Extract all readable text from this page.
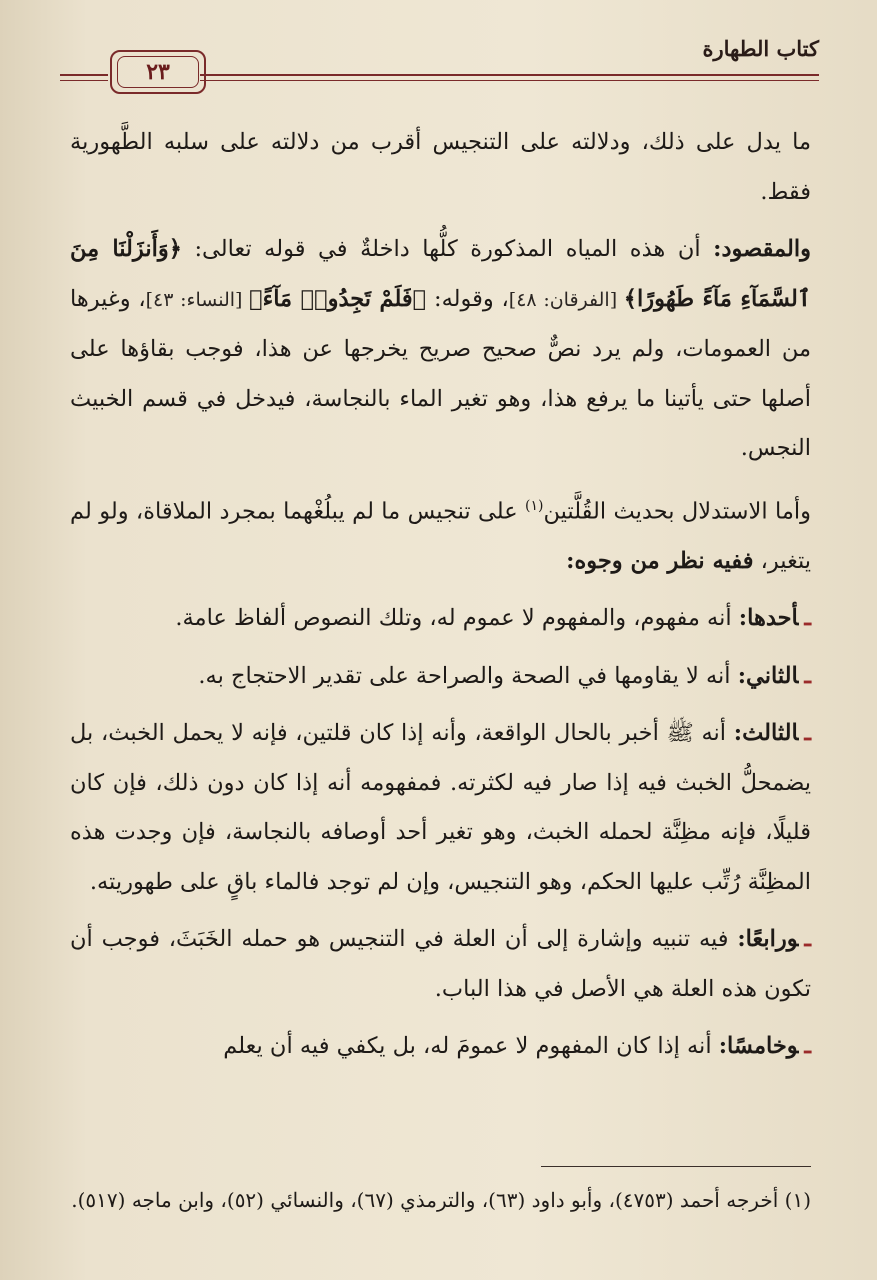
كتاب الطهارة
٢٣

ما يدل على ذلك، ودلالته على التنجيس أقرب من دلالته على سلبه الطَّهورية فقط.

والمقصود: أن هذه المياه المذكورة كلُّها داخلةٌ في قوله تعالى: ﴿وَأَنزَلْنَا مِنَ ٱلسَّمَآءِ مَآءً طَهُورًا﴾ [الفرقان: ٤٨]، وقوله: ﴿فَلَمْ تَجِدُوا۟ مَآءً﴾ [النساء: ٤٣]، وغيرها من العمومات، ولم يرد نصٌّ صحيح صريح يخرجها عن هذا، فوجب بقاؤها على أصلها حتى يأتينا ما يرفع هذا، وهو تغير الماء بالنجاسة، فيدخل في قسم الخبيث النجس.

وأما الاستدلال بحديث القُلَّتين$^{(١)}$ على تنجيس ما لم يبلُغْهما بمجرد الملاقاة، ولو لم يتغير، ففيه نظر من وجوه:

ـأحدها: أنه مفهوم، والمفهوم لا عموم له، وتلك النصوص ألفاظ عامة.

ـالثاني: أنه لا يقاومها في الصحة والصراحة على تقدير الاحتجاج به.

ـالثالث: أنه ﷺ أخبر بالحال الواقعة، وأنه إذا كان قلتين، فإنه لا يحمل الخبث، بل يضمحلُّ الخبث فيه إذا صار فيه لكثرته. فمفهومه أنه إذا كان دون ذلك، فإن كان قليلًا، فإنه مظِنَّة لحمله الخبث، وهو تغير أحد أوصافه بالنجاسة، فإن وجدت هذه المظِنَّة رُتِّب عليها الحكم، وهو التنجيس، وإن لم توجد فالماء باقٍ على طهوريته.

ـورابعًا: فيه تنبيه وإشارة إلى أن العلة في التنجيس هو حمله الخَبَثَ، فوجب أن تكون هذه العلة هي الأصل في هذا الباب.

ـوخامسًا: أنه إذا كان المفهوم لا عمومَ له، بل يكفي فيه أن يعلم

(١) أخرجه أحمد (٤٧٥٣)، وأبو داود (٦٣)، والترمذي (٦٧)، والنسائي (٥٢)، وابن ماجه (٥١٧).
